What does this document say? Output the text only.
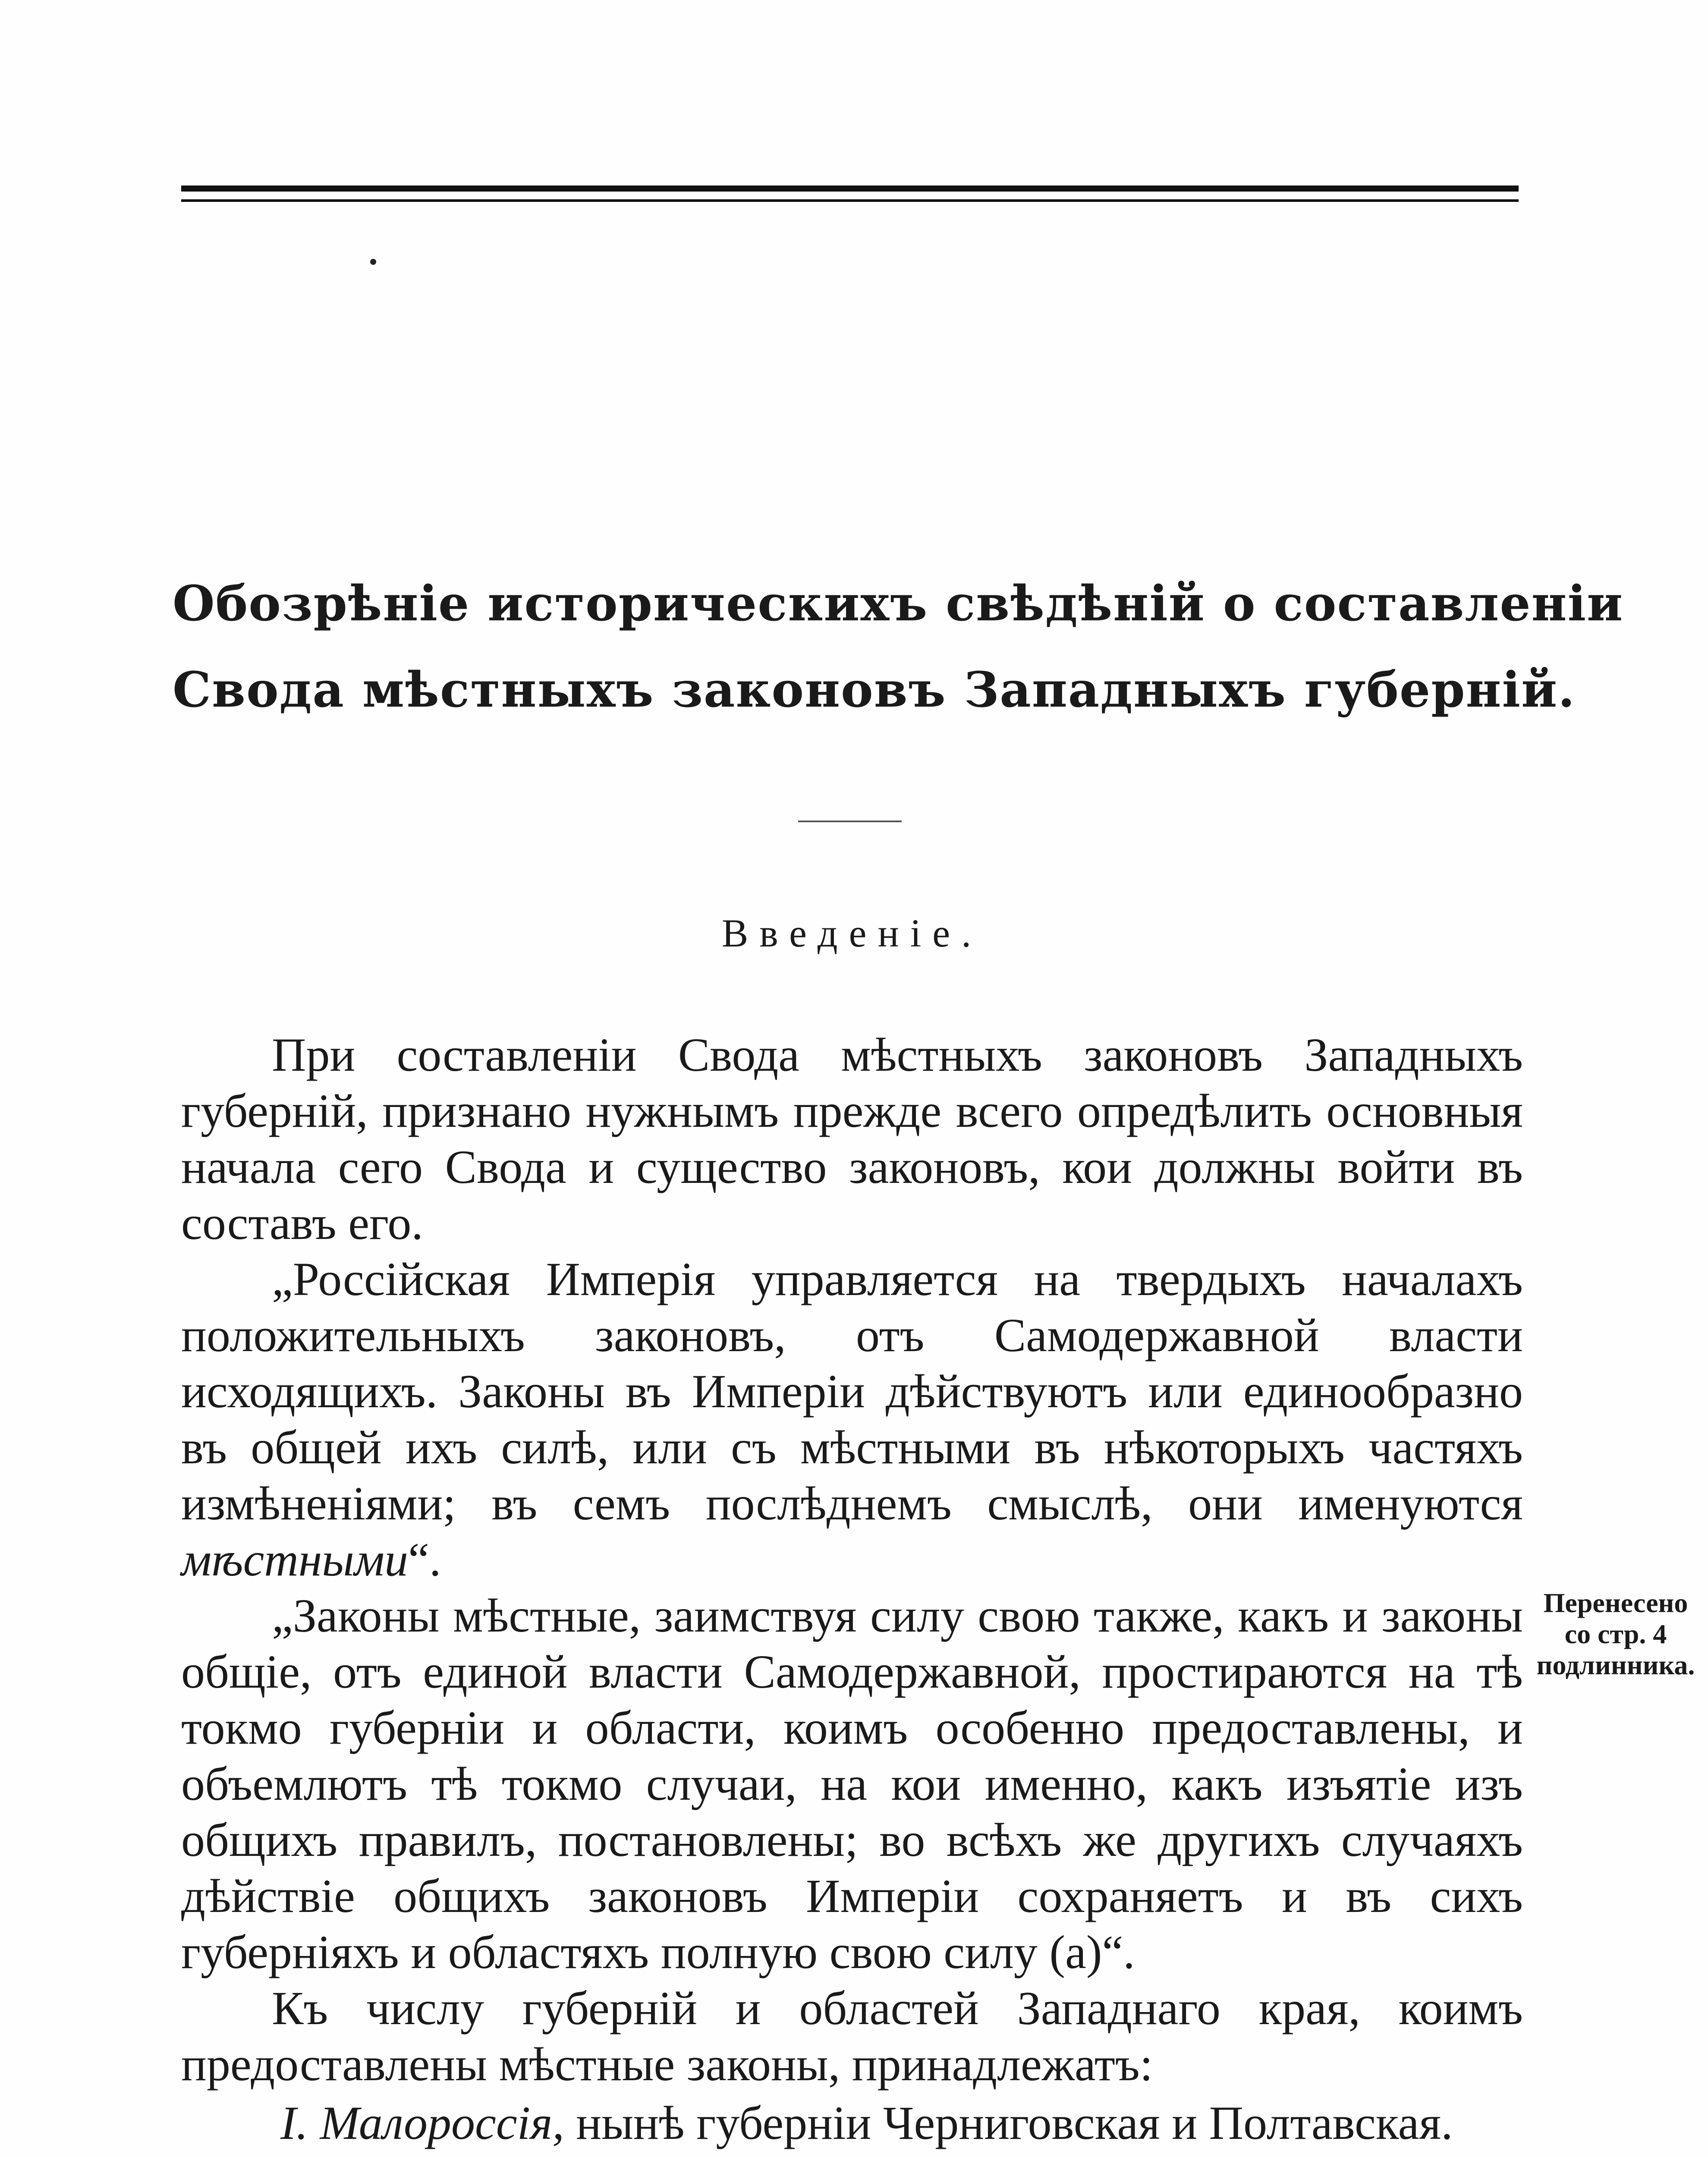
Обозрѣніе историческихъ свѣдѣній о составленіи
Свода мѣстныхъ законовъ Западныхъ губерній.
Введеніе.

При составленіи Свода мѣстныхъ законовъ Западныхъ губерній, признано нужнымъ прежде всего опредѣлить основныя начала сего Свода и существо законовъ, кои должны войти въ составъ его.

„Россійская Имперія управляется на твердыхъ началахъ положительныхъ законовъ, отъ Самодержавной власти исходящихъ. Законы въ Имперіи дѣйствуютъ или единообразно въ общей ихъ силѣ, или съ мѣстными въ нѣкоторыхъ частяхъ измѣненіями; въ семъ послѣднемъ смыслѣ, они именуются мѣстными“.

„Законы мѣстные, заимствуя силу свою также, какъ и законы общіе, отъ единой власти Самодержавной, простираются на тѣ токмо губерніи и области, коимъ особенно предоставлены, и объемлютъ тѣ токмо случаи, на кои именно, какъ изъятіе изъ общихъ правилъ, постановлены; во всѣхъ же другихъ случаяхъ дѣйствіе общихъ законовъ Имперіи сохраняетъ и въ сихъ губерніяхъ и областяхъ полную свою силу (а)“.

Къ числу губерній и областей Западнаго края, коимъ предоставлены мѣстные законы, принадлежатъ:

I. Малороссія, нынѣ губерніи Черниговская и Полтавская.

Перенесено
со стр. 4
подлинника.
